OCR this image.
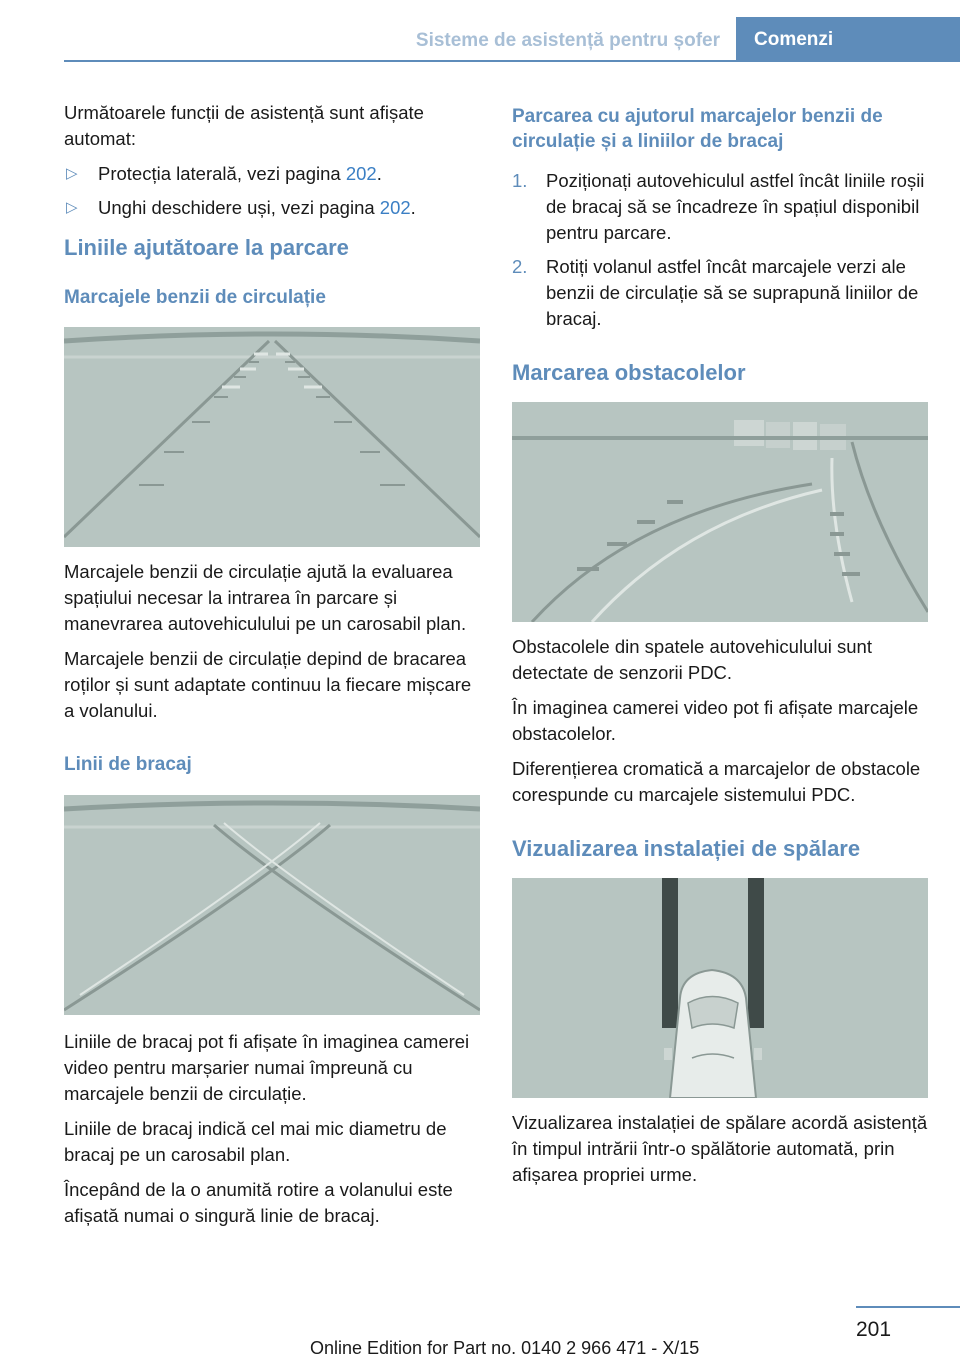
Sisteme de asistență pentru șofer	Comenzi

Următoarele funcții de asistență sunt afișate automat:

▷ Protecția laterală, vezi pagina 202.
▷ Unghi deschidere uși, vezi pagina 202.
Liniile ajutătoare la parcare
Marcajele benzii de circulație

Marcajele benzii de circulație ajută la evaluarea spațiului necesar la intrarea în parcare și manevrarea autovehiculului pe un carosabil plan.

Marcajele benzii de circulație depind de bracarea roților și sunt adaptate continuu la fiecare mișcare a volanului.

Linii de bracaj

Liniile de bracaj pot fi afișate în imaginea camerei video pentru marșarier numai împreună cu marcajele benzii de circulație.

Liniile de bracaj indică cel mai mic diametru de bracaj pe un carosabil plan.

Începând de la o anumită rotire a volanului este afișată numai o singură linie de bracaj.

Parcarea cu ajutorul marcajelor benzii de circulație și a liniilor de bracaj
1. Poziționați autovehiculul astfel încât liniile roșii de bracaj să se încadreze în spațiul disponibil pentru parcare.
2. Rotiți volanul astfel încât marcajele verzi ale benzii de circulație să se suprapună liniilor de bracaj.
Marcarea obstacolelor

Obstacolele din spatele autovehiculului sunt detectate de senzorii PDC.

În imaginea camerei video pot fi afișate marcajele obstacolelor.

Diferențierea cromatică a marcajelor de obstacole corespunde cu marcajele sistemului PDC.

Vizualizarea instalației de spălare

Vizualizarea instalației de spălare acordă asistență în timpul intrării într-o spălătorie automată, prin afișarea propriei urme.

201
Online Edition for Part no. 0140 2 966 471 - X/15
